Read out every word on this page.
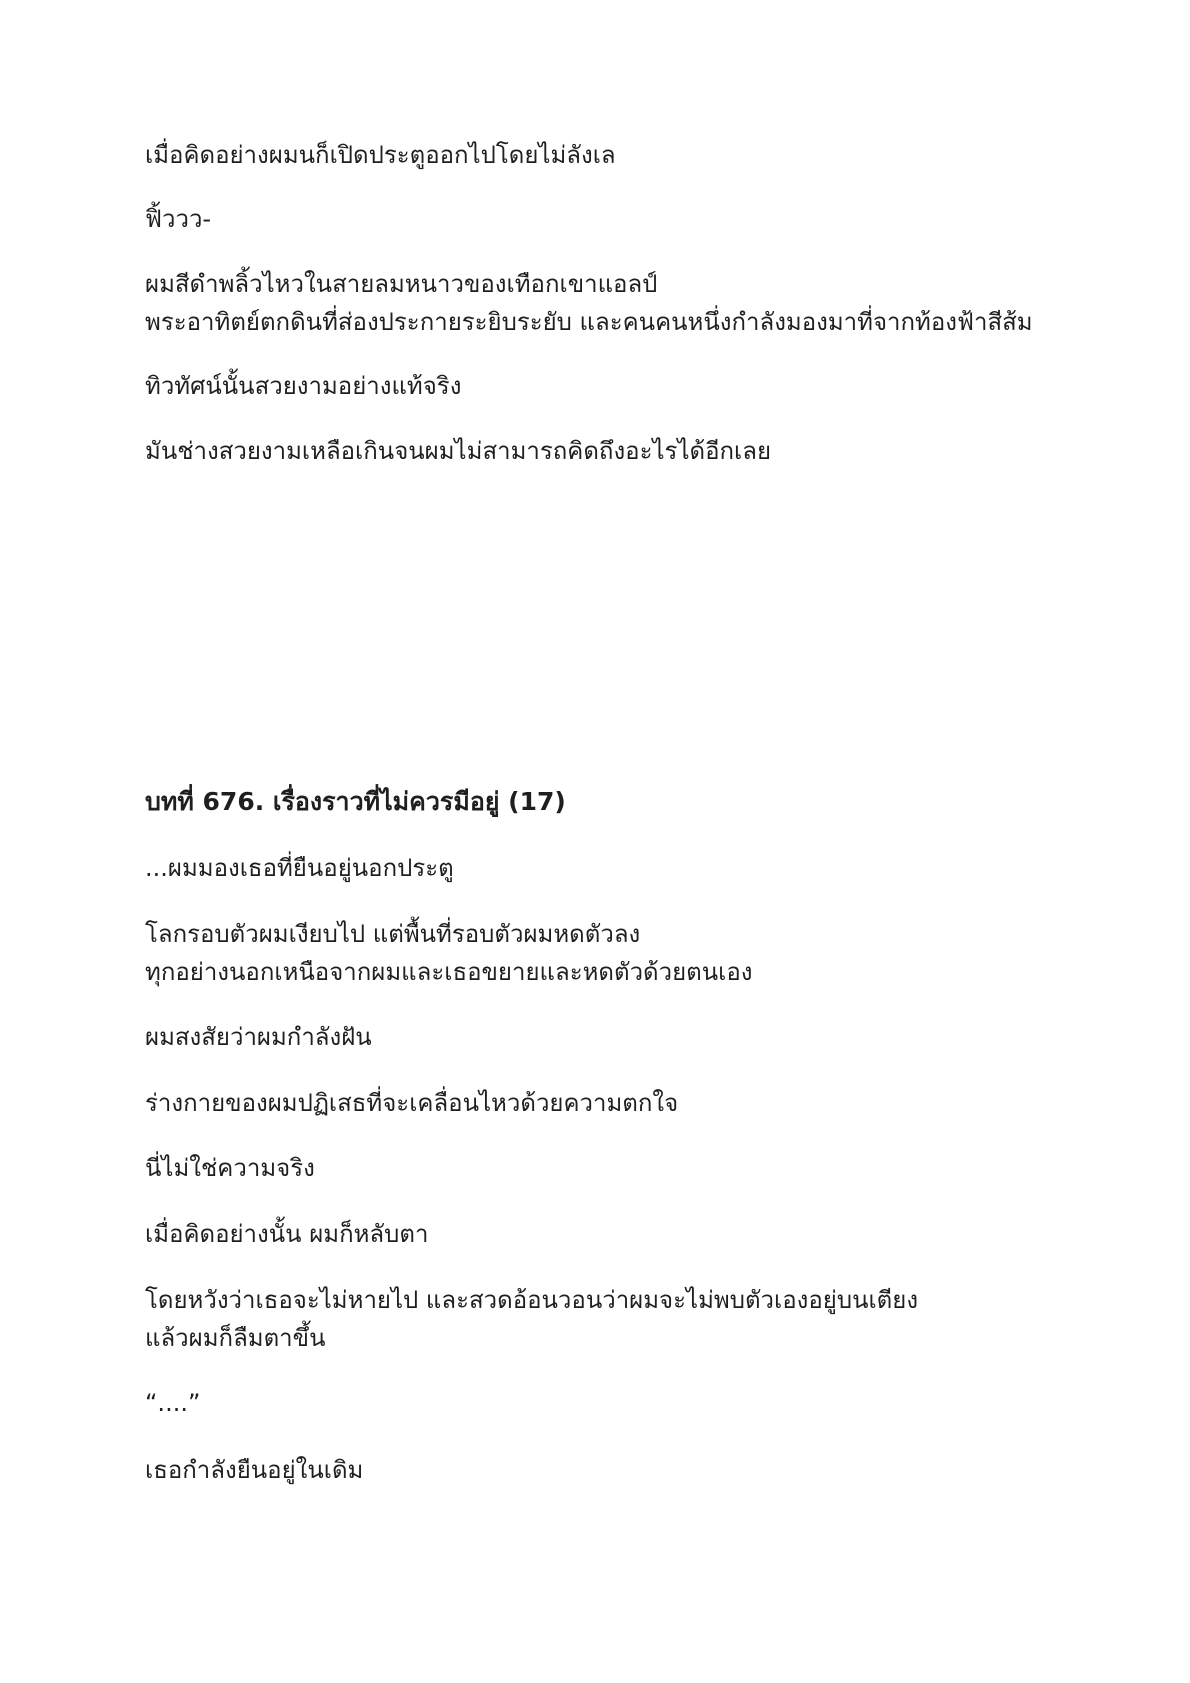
เมื่อคิดอย่างผมนก็เปิดประตูออกไปโดยไม่ลังเล

ฟิ้ววว-

ผมสีดำพลิ้วไหวในสายลมหนาวของเทือกเขาแอลป์

พระอาทิตย์ตกดินที่ส่องประกายระยิบระยับ และคนคนหนึ่งกำลังมองมาที่จากท้องฟ้าสีส้ม

ทิวทัศน์นั้นสวยงามอย่างแท้จริง

มันช่างสวยงามเหลือเกินจนผมไม่สามารถคิดถึงอะไรได้อีกเลย

บทที่ 676. เรื่องราวที่ไม่ควรมีอยู่ (17)

...ผมมองเธอที่ยืนอยู่นอกประตู

โลกรอบตัวผมเงียบไป แต่พื้นที่รอบตัวผมหดตัวลง

ทุกอย่างนอกเหนือจากผมและเธอขยายและหดตัวด้วยตนเอง

ผมสงสัยว่าผมกำลังฝัน

ร่างกายของผมปฏิเสธที่จะเคลื่อนไหวด้วยความตกใจ

นี่ไม่ใช่ความจริง

เมื่อคิดอย่างนั้น ผมก็หลับตา

โดยหวังว่าเธอจะไม่หายไป และสวดอ้อนวอนว่าผมจะไม่พบตัวเองอยู่บนเตียง

แล้วผมก็ลืมตาขึ้น

“....”

เธอกำลังยืนอยู่ในเดิม
